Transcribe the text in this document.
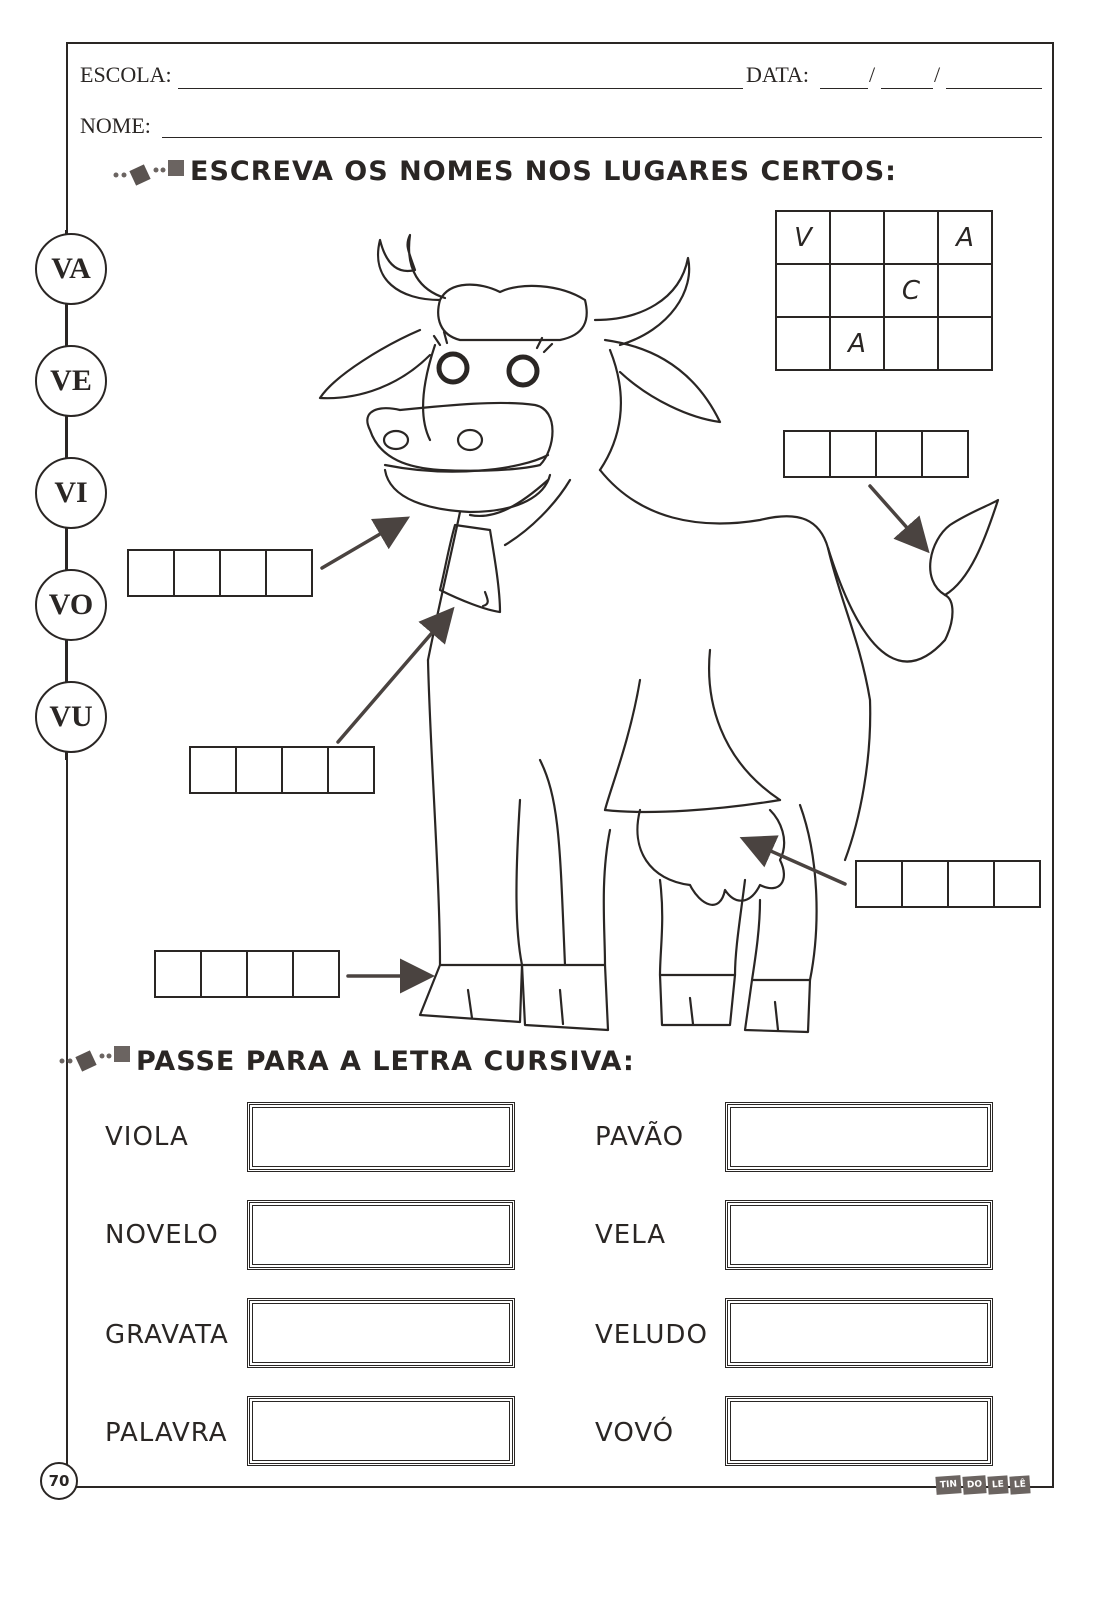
ESCOLA:	DATA:	/	/
NOME:
ESCREVA OS NOMES NOS LUGARES CERTOS:
VA
VE
VI
VO
VU
V			A
		C	
	A		
PASSE PARA A LETRA CURSIVA:
VIOLA
NOVELO
GRAVATA
PALAVRA
PAVÃO
VELA
VELUDO
VOVÓ
70	TIN	DO	LE	LÊ
